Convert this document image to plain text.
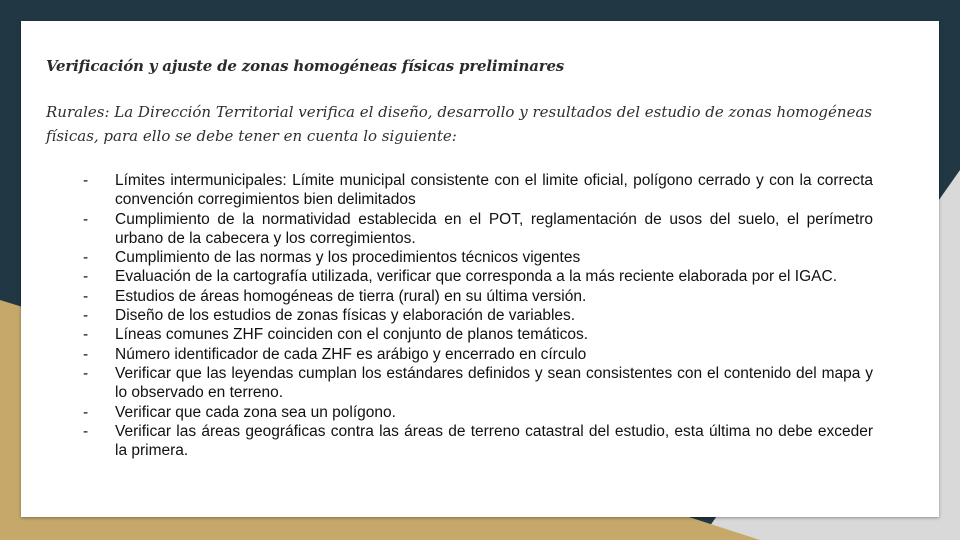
Verificación y ajuste de zonas homogéneas físicas preliminares
Rurales: La Dirección Territorial verifica el diseño, desarrollo y resultados del estudio de zonas homogéneas físicas, para ello se debe tener en cuenta lo siguiente:
- Límites intermunicipales: Límite municipal consistente con el limite oficial, polígono cerrado y con la correcta convención corregimientos bien delimitados
- Cumplimiento de la normatividad establecida en el POT, reglamentación de usos del suelo, el perímetro urbano de la cabecera y los corregimientos.
- Cumplimiento de las normas y los procedimientos técnicos vigentes
- Evaluación de la cartografía utilizada, verificar que corresponda a la más reciente elaborada por el IGAC.
- Estudios de áreas homogéneas de tierra (rural) en su última versión.
- Diseño de los estudios de zonas físicas y elaboración de variables.
- Líneas comunes ZHF coinciden con el conjunto de planos temáticos.
- Número identificador de cada ZHF es arábigo y encerrado en círculo
- Verificar que las leyendas cumplan los estándares definidos y sean consistentes con el contenido del mapa y lo observado en terreno.
- Verificar que cada zona sea un polígono.
- Verificar las áreas geográficas contra las áreas de terreno catastral del estudio, esta última no debe exceder la primera.
